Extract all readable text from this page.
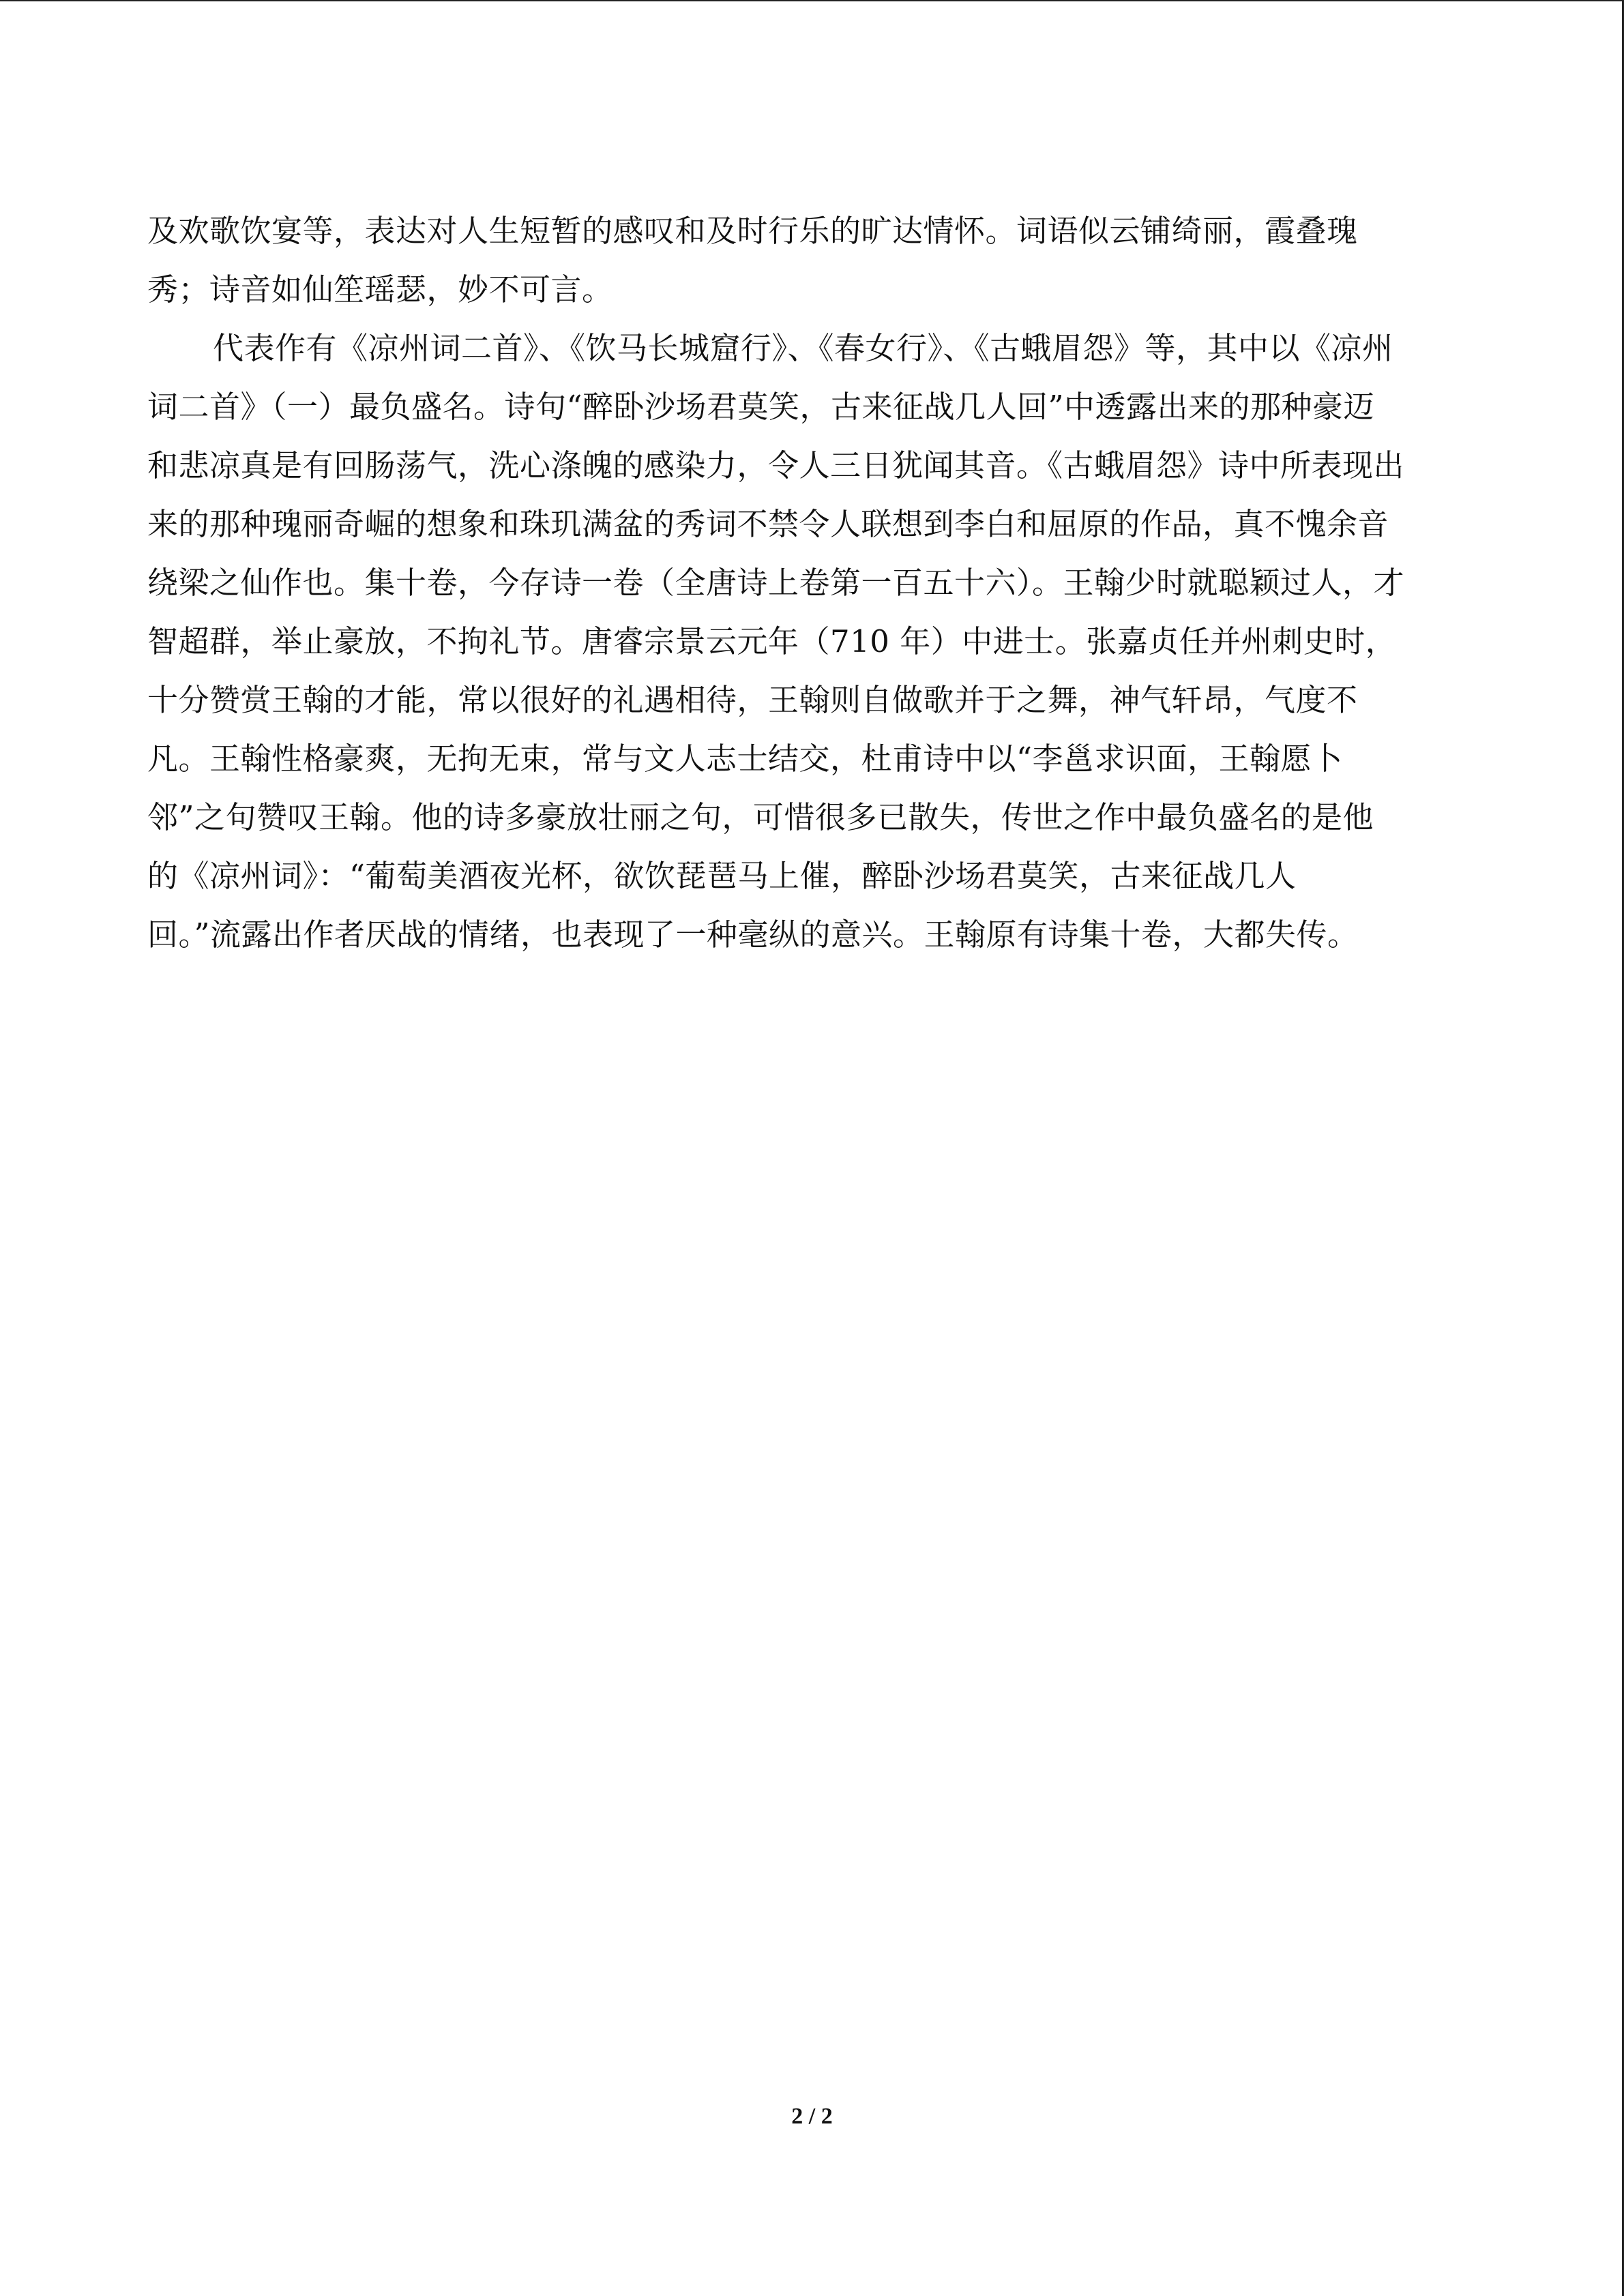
及欢歌饮宴等，表达对人生短暂的感叹和及时行乐的旷达情怀。词语似云铺绮丽，霞叠瑰
秀；诗音如仙笙瑶瑟，妙不可言。
代表作有《凉州词二首》、《饮马长城窟行》、《春女行》、《古蛾眉怨》等，其中以《凉州
词二首》（一）最负盛名。诗句“醉卧沙场君莫笑，古来征战几人回”中透露出来的那种豪迈
和悲凉真是有回肠荡气，洗心涤魄的感染力，令人三日犹闻其音。《古蛾眉怨》诗中所表现出
来的那种瑰丽奇崛的想象和珠玑满盆的秀词不禁令人联想到李白和屈原的作品，真不愧余音
绕梁之仙作也。集十卷，今存诗一卷（全唐诗上卷第一百五十六）。王翰少时就聪颖过人，才
智超群，举止豪放，不拘礼节。唐睿宗景云元年（710 年）中进士。张嘉贞任并州刺史时，
十分赞赏王翰的才能，常以很好的礼遇相待，王翰则自做歌并于之舞，神气轩昂，气度不
凡。王翰性格豪爽，无拘无束，常与文人志士结交，杜甫诗中以“李邕求识面，王翰愿卜
邻”之句赞叹王翰。他的诗多豪放壮丽之句，可惜很多已散失，传世之作中最负盛名的是他
的《凉州词》：“葡萄美酒夜光杯，欲饮琵琶马上催，醉卧沙场君莫笑，古来征战几人
回。”流露出作者厌战的情绪，也表现了一种毫纵的意兴。王翰原有诗集十卷，大都失传。
2 / 2
